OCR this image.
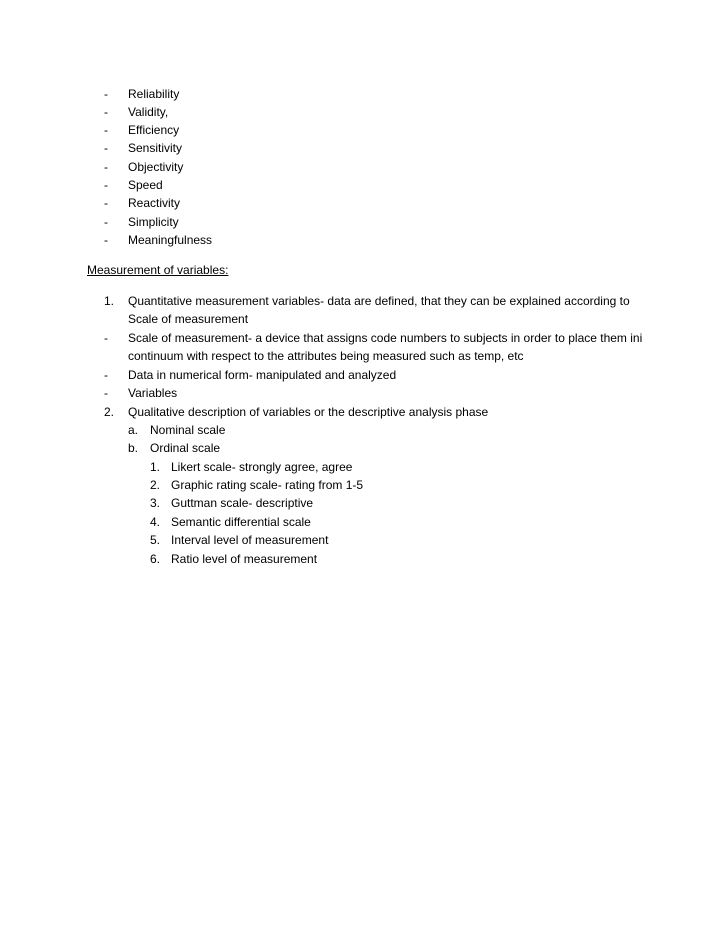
- Reliability
- Validity,
- Efficiency
- Sensitivity
- Objectivity
- Speed
- Reactivity
- Simplicity
- Meaningfulness
Measurement of variables:
1. Quantitative measurement variables- data are defined, that they can be explained according to
Scale of measurement
- Scale of measurement- a device that assigns code numbers to subjects in order to place them ini
continuum with respect to the attributes being measured such as temp, etc
- Data in numerical form- manipulated and analyzed
- Variables
2. Qualitative description of variables or the descriptive analysis phase
a. Nominal scale
b. Ordinal scale
1. Likert scale- strongly agree, agree
2. Graphic rating scale- rating from 1-5
3. Guttman scale- descriptive
4. Semantic differential scale
5. Interval level of measurement
6. Ratio level of measurement
